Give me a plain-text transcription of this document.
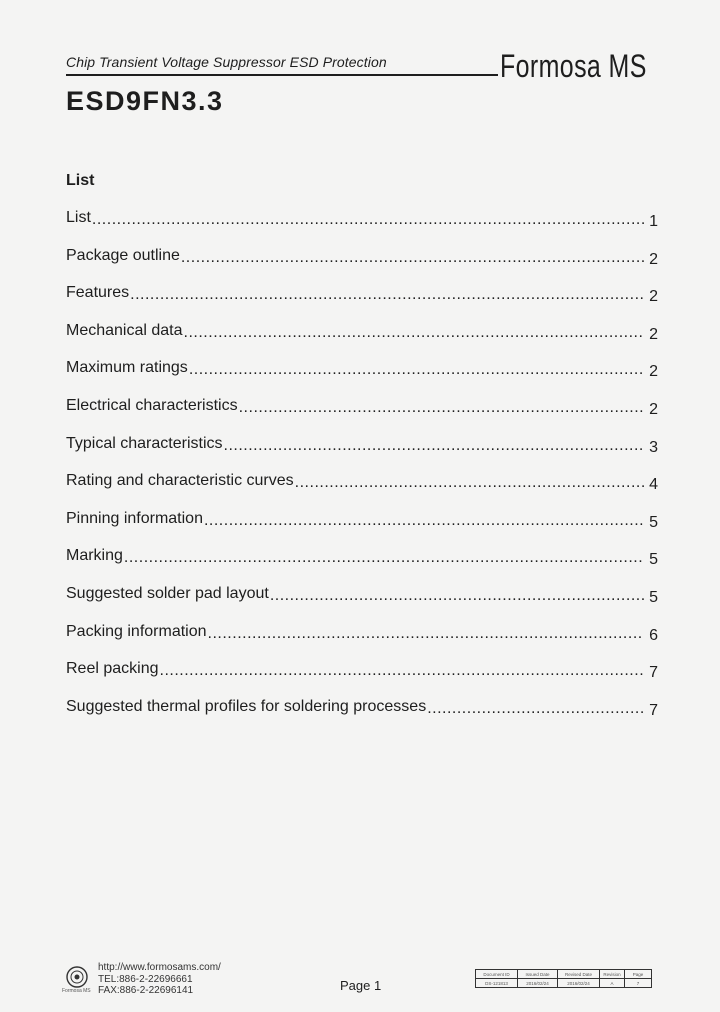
Chip Transient Voltage Suppressor ESD Protection	Formosa MS
ESD9FN3.3
List
List .....	1
Package outline .....	2
Features .....	2
Mechanical data .....	2
Maximum ratings .....	2
Electrical characteristics .....	2
Typical characteristics .....	3
Rating and characteristic curves .....	4
Pinning information .....	5
Marking .....	5
Suggested solder pad layout .....	5
Packing information .....	6
Reel packing .....	7
Suggested thermal profiles for soldering processes .....	7
Formosa MS
http://www.formosams.com/
TEL:886-2-22696661
FAX:886-2-22696141	Page 1
Document ID	Issued Date	Revised Date	Revision	Page
DS-121813	2016/02/24	2016/02/24	A	7
